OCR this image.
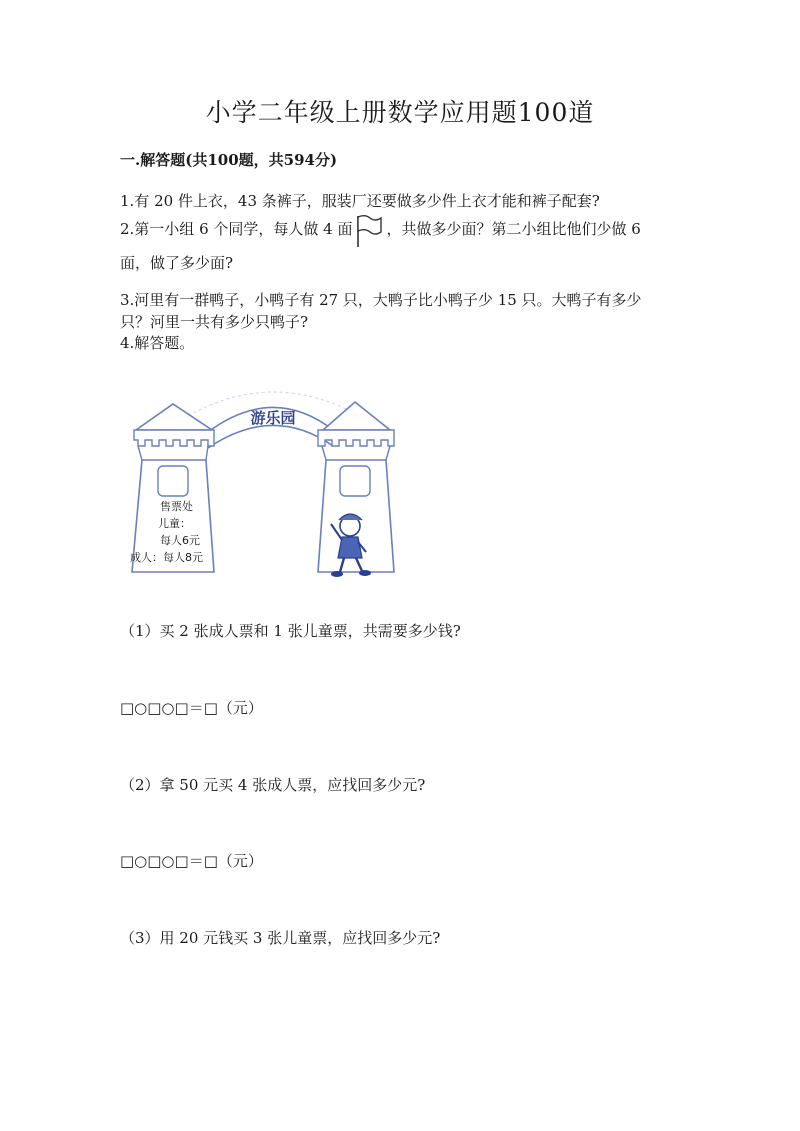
小学二年级上册数学应用题100道
一.解答题(共100题，共594分)
1.有 20 件上衣，43 条裤子，服装厂还要做多少件上衣才能和裤子配套?
2.第一小组 6 个同学，每人做 4 面 ，共做多少面？第二小组比他们少做 6
面，做了多少面?
3.河里有一群鸭子，小鸭子有 27 只，大鸭子比小鸭子少 15 只。大鸭子有多少
只？河里一共有多少只鸭子?
4.解答题。
游乐园
售票处
儿童：
每人6元
成人：每人8元
（1）买 2 张成人票和 1 张儿童票，共需要多少钱?
□○□○□＝□（元）
（2）拿 50 元买 4 张成人票，应找回多少元?
□○□○□＝□（元）
（3）用 20 元钱买 3 张儿童票，应找回多少元?
